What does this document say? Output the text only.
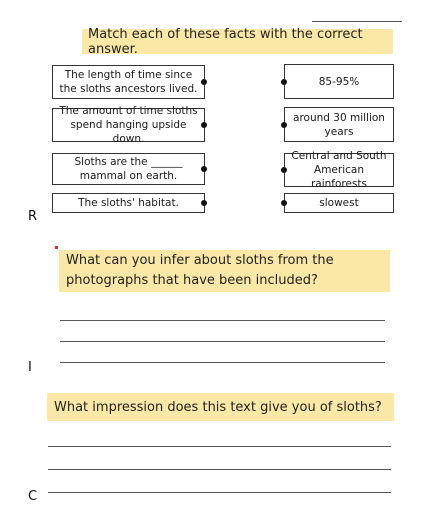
Match each of these facts with the correct answer.
The length of time since the sloths ancestors lived.
The amount of time sloths spend hanging upside down.
Sloths are the ______ mammal on earth.
The sloths' habitat.
85-95%
around 30 million years
Central and South American rainforests
slowest
R
What can you infer about sloths from the photographs that have been included?
I
What impression does this text give you of sloths?
C
